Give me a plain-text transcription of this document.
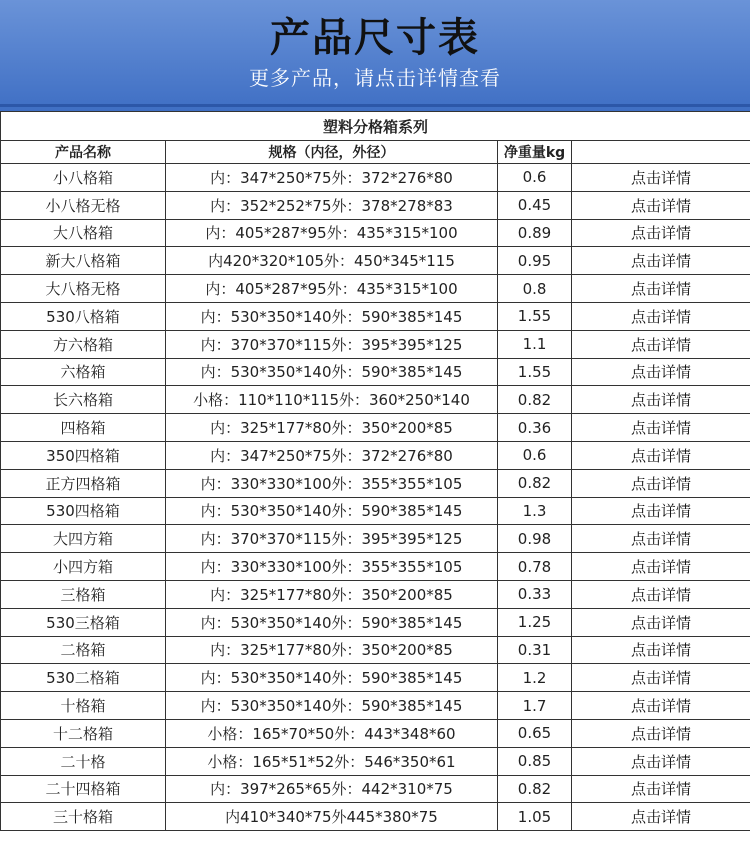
产品尺寸表
更多产品，请点击详情查看
塑料分格箱系列			
产品名称	规格（内径，外径）	净重量kg	
小八格箱	内：347*250*75外：372*276*80	0.6	点击详情
小八格无格	内：352*252*75外：378*278*83	0.45	点击详情
大八格箱	内：405*287*95外：435*315*100	0.89	点击详情
新大八格箱	内420*320*105外：450*345*115	0.95	点击详情
大八格无格	内：405*287*95外：435*315*100	0.8	点击详情
530八格箱	内：530*350*140外：590*385*145	1.55	点击详情
方六格箱	内：370*370*115外：395*395*125	1.1	点击详情
六格箱	内：530*350*140外：590*385*145	1.55	点击详情
长六格箱	小格：110*110*115外：360*250*140	0.82	点击详情
四格箱	内：325*177*80外：350*200*85	0.36	点击详情
350四格箱	内：347*250*75外：372*276*80	0.6	点击详情
正方四格箱	内：330*330*100外：355*355*105	0.82	点击详情
530四格箱	内：530*350*140外：590*385*145	1.3	点击详情
大四方箱	内：370*370*115外：395*395*125	0.98	点击详情
小四方箱	内：330*330*100外：355*355*105	0.78	点击详情
三格箱	内：325*177*80外：350*200*85	0.33	点击详情
530三格箱	内：530*350*140外：590*385*145	1.25	点击详情
二格箱	内：325*177*80外：350*200*85	0.31	点击详情
530二格箱	内：530*350*140外：590*385*145	1.2	点击详情
十格箱	内：530*350*140外：590*385*145	1.7	点击详情
十二格箱	小格：165*70*50外：443*348*60	0.65	点击详情
二十格	小格：165*51*52外：546*350*61	0.85	点击详情
二十四格箱	内：397*265*65外：442*310*75	0.82	点击详情
三十格箱	内410*340*75外445*380*75	1.05	点击详情
